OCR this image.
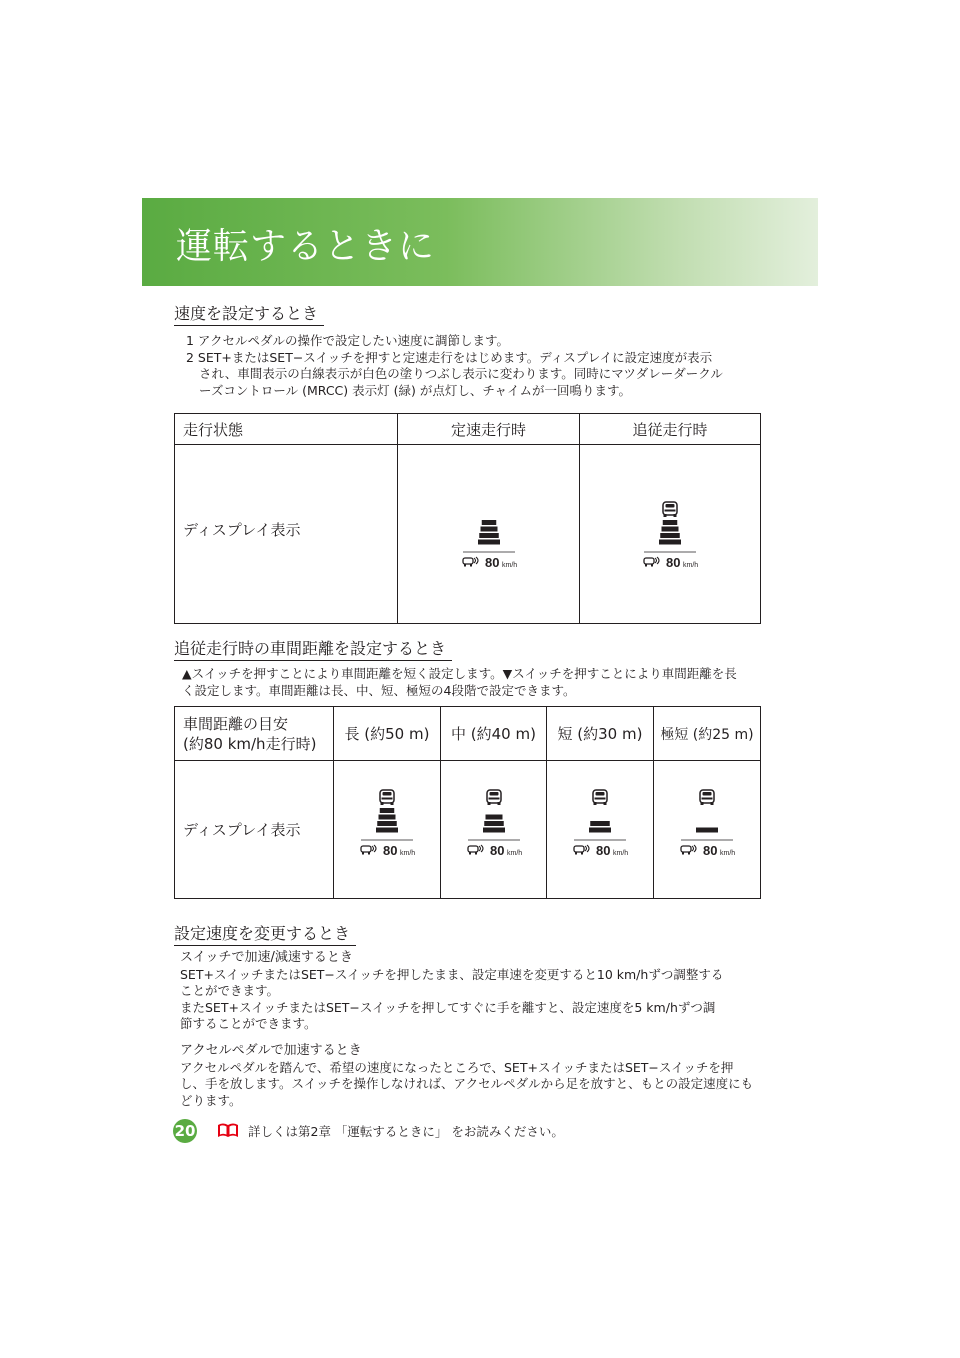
運転するときに
速度を設定するとき
1 アクセルペダルの操作で設定したい速度に調節します。
2 SET+またはSET−スイッチを押すと定速走行をはじめます。ディスプレイに設定速度が表示
され、車間表示の白線表示が白色の塗りつぶし表示に変わります。同時にマツダレーダークル
ーズコントロール (MRCC) 表示灯 (緑) が点灯し、チャイムが一回鳴ります。
走行状態	定速走行時	追従走行時
ディスプレイ表示	80 km/h	80 km/h
追従走行時の車間距離を設定するとき
▲スイッチを押すことにより車間距離を短く設定します。▼スイッチを押すことにより車間距離を長
く設定します。車間距離は長、中、短、極短の4段階で設定できます。
車間距離の目安
(約80 km/h走行時)	長 (約50 m)	中 (約40 m)	短 (約30 m)	極短 (約25 m)
ディスプレイ表示	80 km/h	80 km/h	80 km/h	80 km/h
設定速度を変更するとき
スイッチで加速/減速するとき
SET+スイッチまたはSET−スイッチを押したまま、設定車速を変更すると10 km/hずつ調整する
ことができます。
またSET+スイッチまたはSET−スイッチを押してすぐに手を離すと、設定速度を5 km/hずつ調
節することができます。
アクセルペダルで加速するとき
アクセルペダルを踏んで、希望の速度になったところで、SET+スイッチまたはSET−スイッチを押
し、手を放します。スイッチを操作しなければ、アクセルペダルから足を放すと、もとの設定速度にも
どります。
20	詳しくは第2章 「運転するときに」 をお読みください。
